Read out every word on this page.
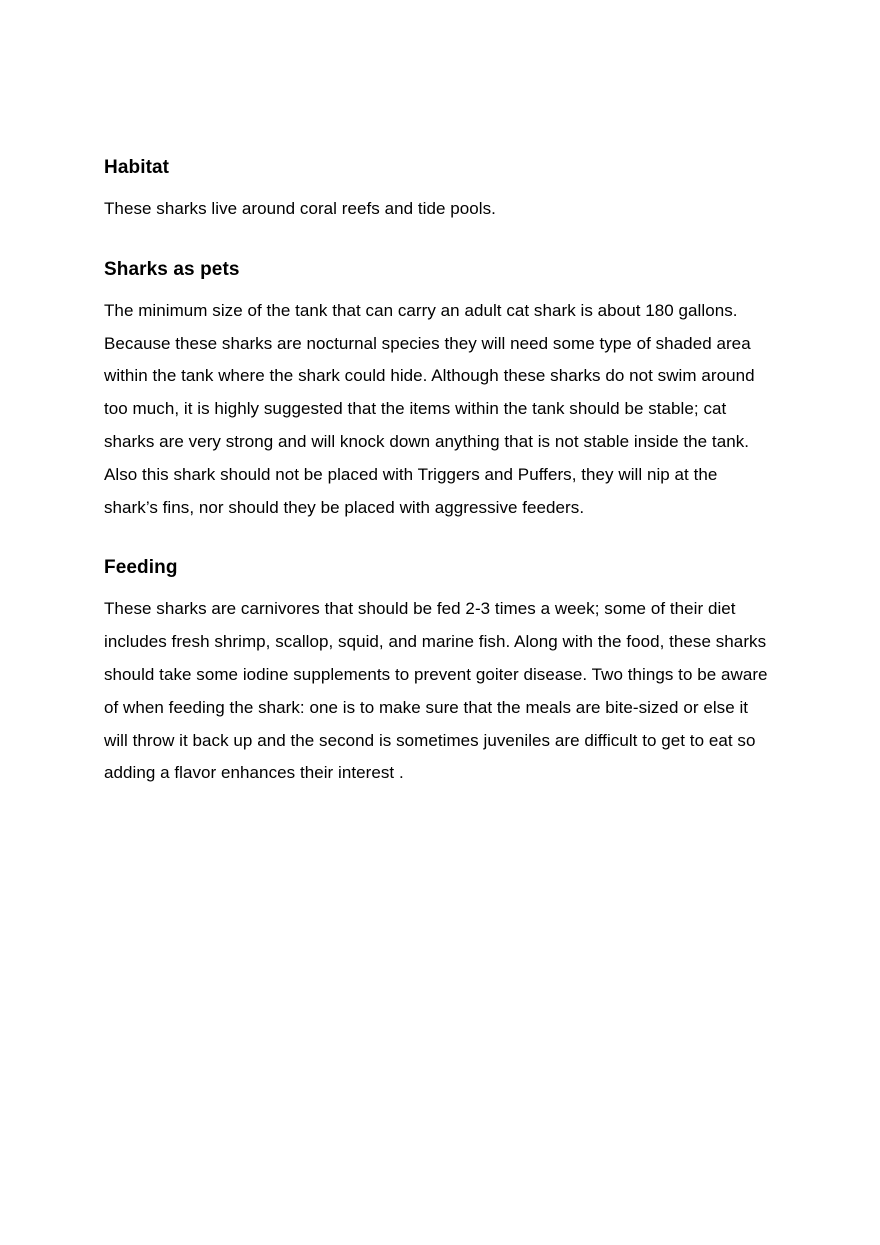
Habitat

These sharks live around coral reefs and tide pools.

Sharks as pets

The minimum size of the tank that can carry an adult cat shark is about 180 gallons. Because these sharks are nocturnal species they will need some type of shaded area within the tank where the shark could hide. Although these sharks do not swim around too much, it is highly suggested that the items within the tank should be stable; cat sharks are very strong and will knock down anything that is not stable inside the tank. Also this shark should not be placed with Triggers and Puffers, they will nip at the shark’s fins, nor should they be placed with aggressive feeders.

Feeding

These sharks are carnivores that should be fed 2-3 times a week; some of their diet includes fresh shrimp, scallop, squid, and marine fish. Along with the food, these sharks should take some iodine supplements to prevent goiter disease. Two things to be aware of when feeding the shark: one is to make sure that the meals are bite-sized or else it will throw it back up and the second is sometimes juveniles are difficult to get to eat so adding a flavor enhances their interest .
